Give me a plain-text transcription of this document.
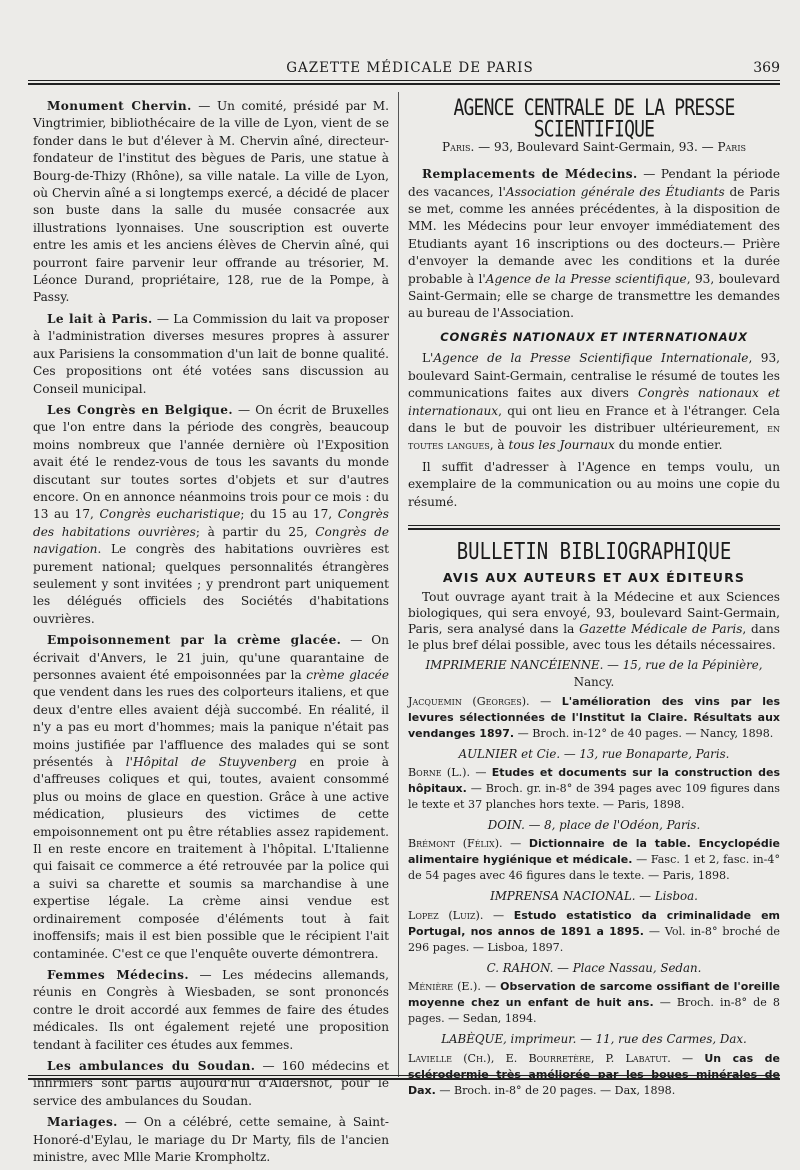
GAZETTE MÉDICALE DE PARIS	369

Monument Chervin. — Un comité, présidé par M. Vingtrimier, bibliothécaire de la ville de Lyon, vient de se fonder dans le but d'élever à M. Chervin aîné, directeur-fondateur de l'institut des bègues de Paris, une statue à Bourg-de-Thizy (Rhône), sa ville natale. La ville de Lyon, où Chervin aîné a si longtemps exercé, a décidé de placer son buste dans la salle du musée consacrée aux illustrations lyonnaises. Une souscription est ouverte entre les amis et les anciens élèves de Chervin aîné, qui pourront faire parvenir leur offrande au trésorier, M. Léonce Durand, propriétaire, 128, rue de la Pompe, à Passy.

Le lait à Paris. — La Commission du lait va proposer à l'administration diverses mesures propres à assurer aux Parisiens la consommation d'un lait de bonne qualité. Ces propositions ont été votées sans discussion au Conseil municipal.

Les Congrès en Belgique. — On écrit de Bruxelles que l'on entre dans la période des congrès, beaucoup moins nombreux que l'année dernière où l'Exposition avait été le rendez-vous de tous les savants du monde discutant sur toutes sortes d'objets et sur d'autres encore. On en annonce néanmoins trois pour ce mois : du 13 au 17, Congrès eucharistique; du 15 au 17, Congrès des habitations ouvrières; à partir du 25, Congrès de navigation. Le congrès des habitations ouvrières est purement national; quelques personnalités étrangères seulement y sont invitées ; y prendront part uniquement les délégués officiels des Sociétés d'habitations ouvrières.

Empoisonnement par la crème glacée. — On écrivait d'Anvers, le 21 juin, qu'une quarantaine de personnes avaient été empoisonnées par la crème glacée que vendent dans les rues des colporteurs italiens, et que deux d'entre elles avaient déjà succombé. En réalité, il n'y a pas eu mort d'hommes; mais la panique n'était pas moins justifiée par l'affluence des malades qui se sont présentés à l'Hôpital de Stuyvenberg en proie à d'affreuses coliques et qui, toutes, avaient consommé plus ou moins de glace en question. Grâce à une active médication, plusieurs des victimes de cette empoisonnement ont pu être rétablies assez rapidement. Il en reste encore en traitement à l'hôpital. L'Italienne qui faisait ce commerce a été retrouvée par la police qui a suivi sa charette et soumis sa marchandise à une expertise légale. La crème ainsi vendue est ordinairement composée d'éléments tout à fait inoffensifs; mais il est bien possible que le récipient l'ait contaminée. C'est ce que l'enquête ouverte démontrera.

Femmes Médecins. — Les médecins allemands, réunis en Congrès à Wiesbaden, se sont prononcés contre le droit accordé aux femmes de faire des études médicales. Ils ont également rejeté une proposition tendant à faciliter ces études aux femmes.

Les ambulances du Soudan. — 160 médecins et infirmiers sont partis aujourd'hui d'Aldershot, pour le service des ambulances du Soudan.

Mariages. — On a célébré, cette semaine, à Saint-Honoré-d'Eylau, le mariage du Dr Marty, fils de l'ancien ministre, avec Mlle Marie Krompholtz.

AGENCE CENTRALE DE LA PRESSE SCIENTIFIQUE
Paris. — 93, Boulevard Saint-Germain, 93. — Paris

Remplacements de Médecins. — Pendant la période des vacances, l'Association générale des Étudiants de Paris se met, comme les années précédentes, à la disposition de MM. les Médecins pour leur envoyer immédiatement des Etudiants ayant 16 inscriptions ou des docteurs.— Prière d'envoyer la demande avec les conditions et la durée probable à l'Agence de la Presse scientifique, 93, boulevard Saint-Germain; elle se charge de transmettre les demandes au bureau de l'Association.

CONGRÈS NATIONAUX ET INTERNATIONAUX

L'Agence de la Presse Scientifique Internationale, 93, boulevard Saint-Germain, centralise le résumé de toutes les communications faites aux divers Congrès nationaux et internationaux, qui ont lieu en France et à l'étranger. Cela dans le but de pouvoir les distribuer ultérieurement, en toutes langues, à tous les Journaux du monde entier.

Il suffit d'adresser à l'Agence en temps voulu, un exemplaire de la communication ou au moins une copie du résumé.

BULLETIN BIBLIOGRAPHIQUE
AVIS AUX AUTEURS ET AUX ÉDITEURS

Tout ouvrage ayant trait à la Médecine et aux Sciences biologiques, qui sera envoyé, 93, boulevard Saint-Germain, Paris, sera analysé dans la Gazette Médicale de Paris, dans le plus bref délai possible, avec tous les détails nécessaires.

IMPRIMERIE NANCÉIENNE. — 15, rue de la Pépinière,
Nancy.

Jacquemin (Georges). — L'amélioration des vins par les levures sélectionnées de l'Institut la Claire. Résultats aux vendanges 1897. — Broch. in-12° de 40 pages. — Nancy, 1898.

AULNIER et Cie. — 13, rue Bonaparte, Paris.

Borne (L.). — Etudes et documents sur la construction des hôpitaux. — Broch. gr. in-8° de 394 pages avec 109 figures dans le texte et 37 planches hors texte. — Paris, 1898.

DOIN. — 8, place de l'Odéon, Paris.

Brémont (Félix). — Dictionnaire de la table. Encyclopédie alimentaire hygiénique et médicale. — Fasc. 1 et 2, fasc. in-4° de 54 pages avec 46 figures dans le texte. — Paris, 1898.

IMPRENSA NACIONAL. — Lisboa.

Lopez (Luiz). — Estudo estatistico da criminalidade em Portugal, nos annos de 1891 a 1895. — Vol. in-8° broché de 296 pages. — Lisboa, 1897.

C. RAHON. — Place Nassau, Sedan.

Ménière (E.). — Observation de sarcome ossifiant de l'oreille moyenne chez un enfant de huit ans. — Broch. in-8° de 8 pages. — Sedan, 1894.

LABÈQUE, imprimeur. — 11, rue des Carmes, Dax.

Lavielle (Ch.), E. Bourretère, P. Labatut. — Un cas de sclérodermie très améliorée par les boues minérales de Dax. — Broch. in-8° de 20 pages. — Dax, 1898.
